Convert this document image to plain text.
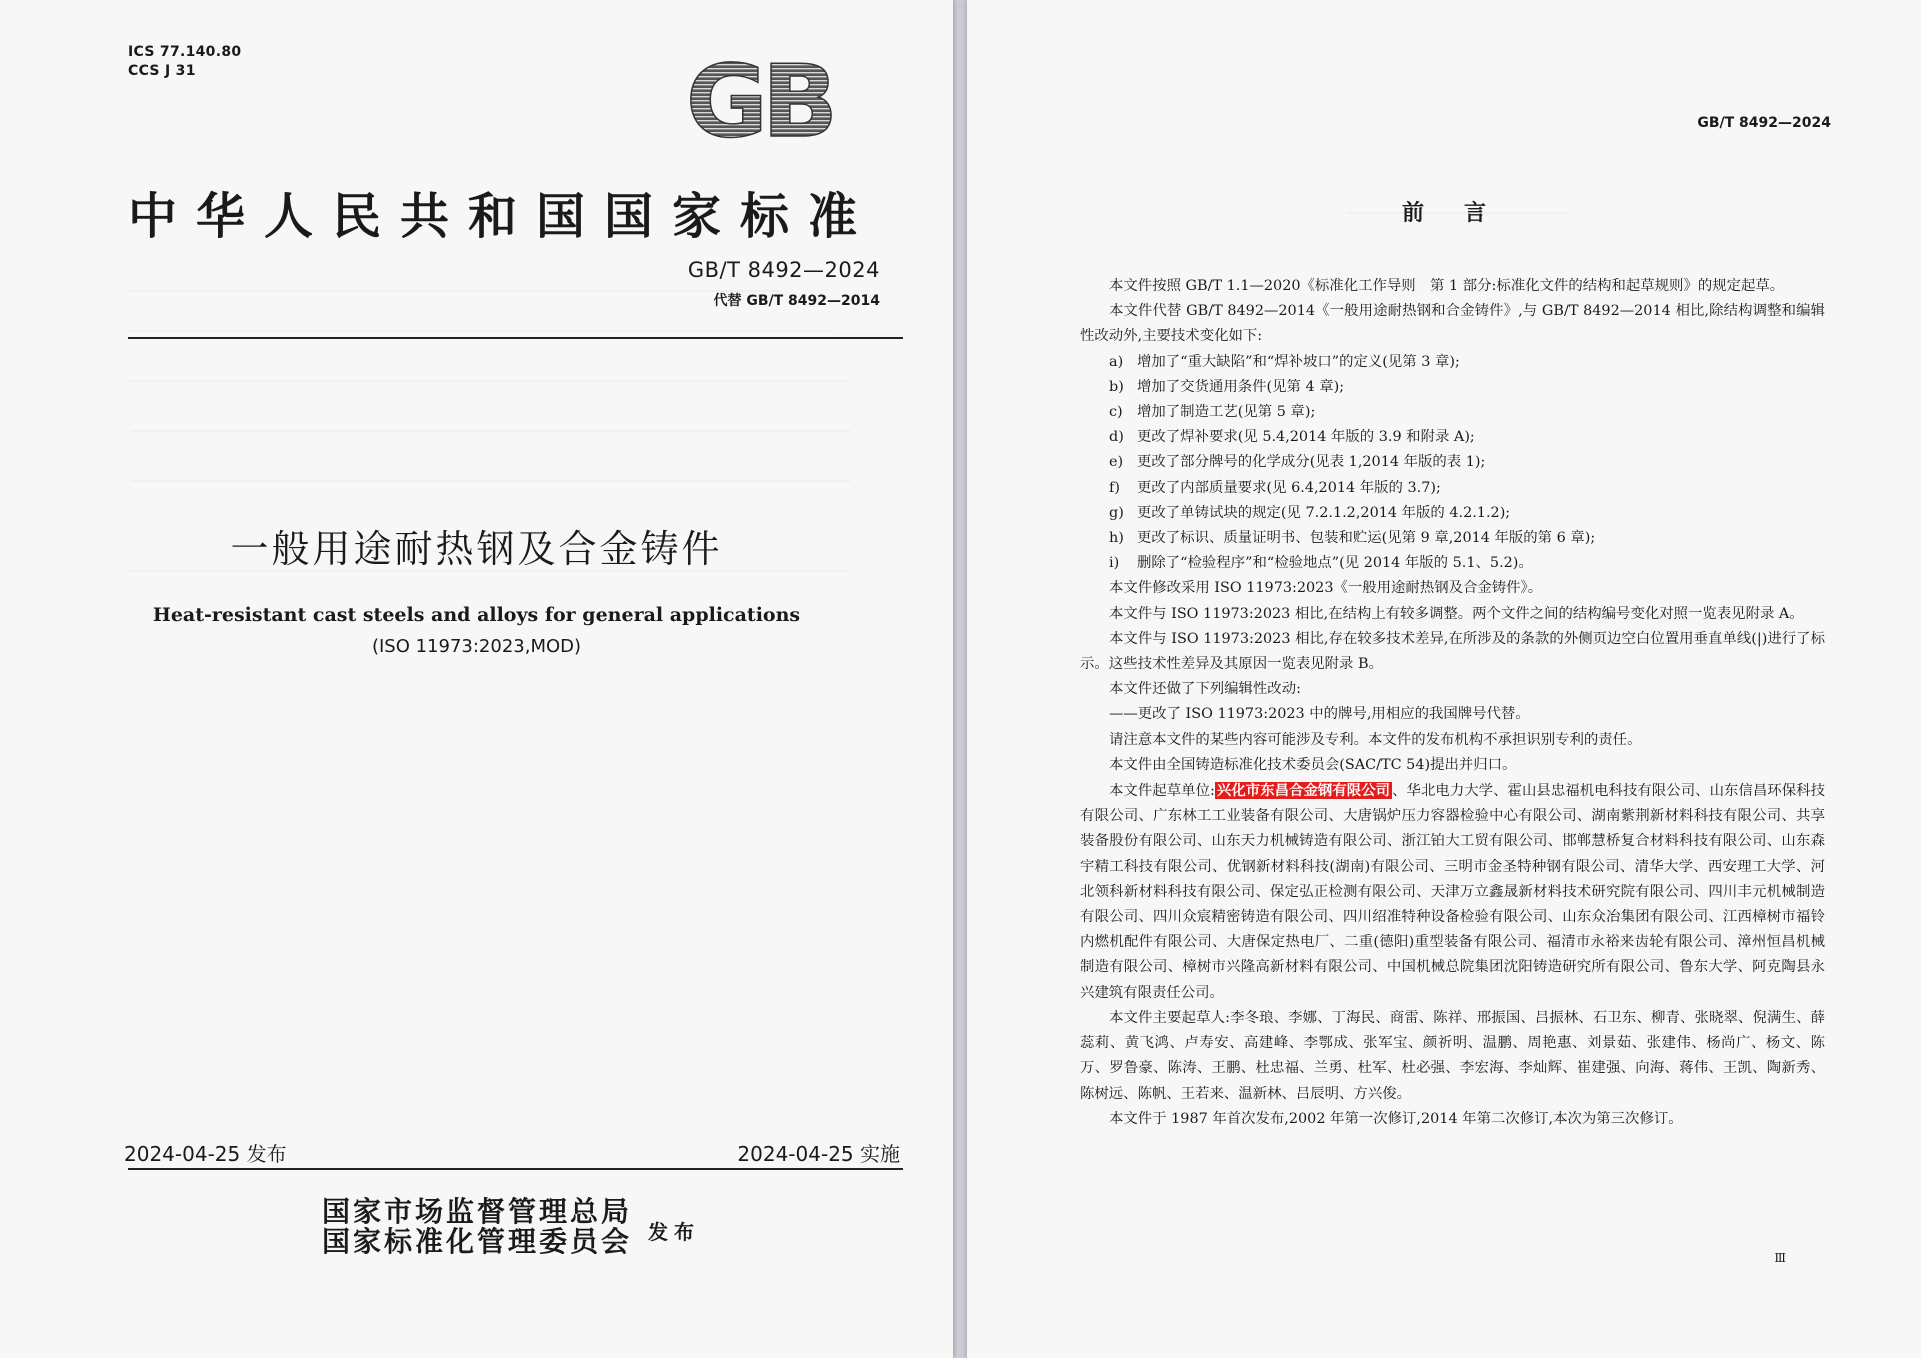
ICS 77.140.80
CCS J 31	GB
中华人民共和国国家标准
GB/T 8492—2024
代替 GB/T 8492—2014
一般用途耐热钢及合金铸件
Heat-resistant cast steels and alloys for general applications
(ISO 11973:2023,MOD)
2024-04-25 发布	2024-04-25 实施
国家市场监督管理总局
国家标准化管理委员会 发布
GB/T 8492—2024
前言

本文件按照 GB/T 1.1—2020《标准化工作导则　第 1 部分:标准化文件的结构和起草规则》的规定起草。

本文件代替 GB/T 8492—2014《一般用途耐热钢和合金铸件》,与 GB/T 8492—2014 相比,除结构调整和编辑性改动外,主要技术变化如下:

a) 增加了“重大缺陷”和“焊补坡口”的定义(见第 3 章);

b) 增加了交货通用条件(见第 4 章);

c) 增加了制造工艺(见第 5 章);

d) 更改了焊补要求(见 5.4,2014 年版的 3.9 和附录 A);

e) 更改了部分牌号的化学成分(见表 1,2014 年版的表 1);

f) 更改了内部质量要求(见 6.4,2014 年版的 3.7);

g) 更改了单铸试块的规定(见 7.2.1.2,2014 年版的 4.2.1.2);

h) 更改了标识、质量证明书、包装和贮运(见第 9 章,2014 年版的第 6 章);

i) 删除了“检验程序”和“检验地点”(见 2014 年版的 5.1、5.2)。

本文件修改采用 ISO 11973:2023《一般用途耐热钢及合金铸件》。

本文件与 ISO 11973:2023 相比,在结构上有较多调整。两个文件之间的结构编号变化对照一览表见附录 A。

本文件与 ISO 11973:2023 相比,存在较多技术差异,在所涉及的条款的外侧页边空白位置用垂直单线(|)进行了标示。这些技术性差异及其原因一览表见附录 B。

本文件还做了下列编辑性改动:

——更改了 ISO 11973:2023 中的牌号,用相应的我国牌号代替。

请注意本文件的某些内容可能涉及专利。本文件的发布机构不承担识别专利的责任。

本文件由全国铸造标准化技术委员会(SAC/TC 54)提出并归口。

本文件起草单位: 兴化市东昌合金钢有限公司 、华北电力大学、霍山县忠福机电科技有限公司、山东信昌环保科技有限公司、广东林工工业装备有限公司、大唐锅炉压力容器检验中心有限公司、湖南紫荆新材料科技有限公司、共享装备股份有限公司、山东天力机械铸造有限公司、浙江铂大工贸有限公司、邯郸慧桥复合材料科技有限公司、山东森宇精工科技有限公司、优钢新材料科技(湖南)有限公司、三明市金圣特种钢有限公司、清华大学、西安理工大学、河北领科新材料科技有限公司、保定弘正检测有限公司、天津万立鑫晟新材料技术研究院有限公司、四川丰元机械制造有限公司、四川众宸精密铸造有限公司、四川绍准特种设备检验有限公司、山东众冶集团有限公司、江西樟树市福铃内燃机配件有限公司、大唐保定热电厂、二重(德阳)重型装备有限公司、福清市永裕来齿轮有限公司、漳州恒昌机械制造有限公司、樟树市兴隆高新材料有限公司、中国机械总院集团沈阳铸造研究所有限公司、鲁东大学、阿克陶县永兴建筑有限责任公司。

本文件主要起草人:李冬琅、李娜、丁海民、商雷、陈祥、邢振国、吕振林、石卫东、柳青、张晓翠、倪满生、薛蕊莉、黄飞鸿、卢寿安、高建峰、李鄂成、张军宝、颜祈明、温鹏、周艳惠、刘景茹、张建伟、杨尚广、杨文、陈万、罗鲁豪、陈涛、王鹏、杜忠福、兰勇、杜军、杜必强、李宏海、李灿辉、崔建强、向海、蒋伟、王凯、陶新秀、陈树远、陈帆、王若来、温新林、吕辰明、方兴俊。

本文件于 1987 年首次发布,2002 年第一次修订,2014 年第二次修订,本次为第三次修订。

Ⅲ
